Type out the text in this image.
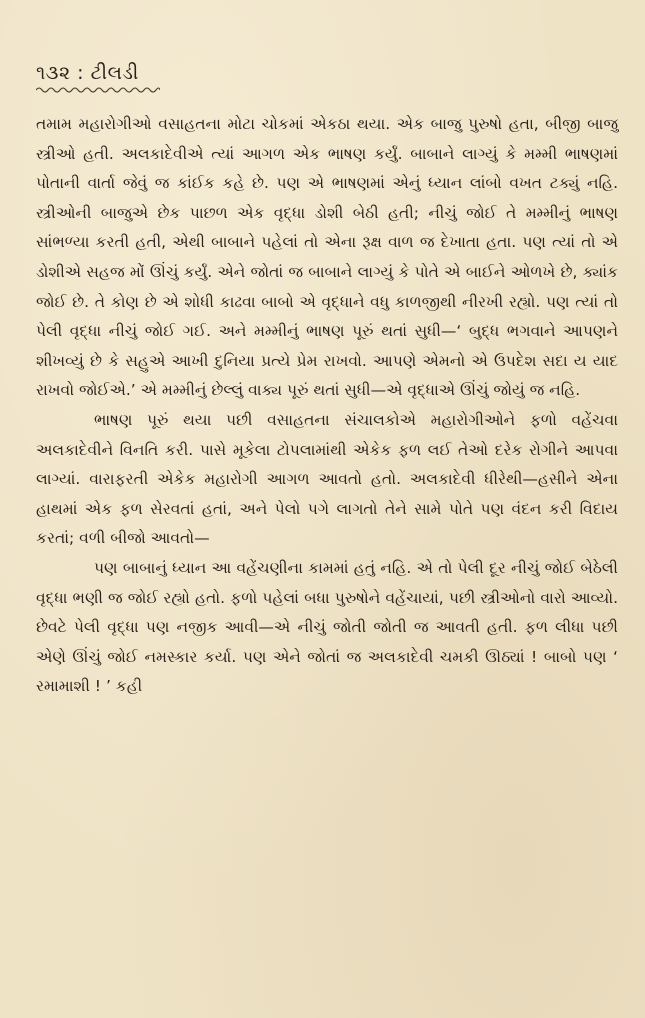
૧૩૨ : ટીલડી

તમામ મહારોગીઓ વસાહતના મોટા ચોકમાં એકઠા થયા. એક બાજુ પુરુષો હતા, બીજી બાજુ સ્ત્રીઓ હતી. અલકાદેવીએ ત્યાં આગળ એક ભાષણ કર્યું. બાબાને લાગ્યું કે મમ્મી ભાષણમાં પોતાની વાર્તા જેવું જ કાંઈક કહે છે. પણ એ ભાષણમાં એનું ધ્યાન લાંબો વખત ટક્યું નહિ. સ્ત્રીઓની બાજુએ છેક પાછળ એક વૃદ્ધા ડોશી બેઠી હતી; નીચું જોઈ તે મમ્મીનું ભાષણ સાંભળ્યા કરતી હતી, એથી બાબાને પહેલાં તો એના રૂક્ષ વાળ જ દેખાતા હતા. પણ ત્યાં તો એ ડોશીએ સહજ મોં ઊંચું કર્યું. એને જોતાં જ બાબાને લાગ્યું કે પોતે એ બાઈને ઓળખે છે, ક્યાંક જોઈ છે. તે કોણ છે એ શોધી કાઢવા બાબો એ વૃદ્ધાને વધુ કાળજીથી નીરખી રહ્યો. પણ ત્યાં તો પેલી વૃદ્ધા નીચું જોઈ ગઈ. અને મમ્મીનું ભાષણ પૂરું થતાં સુધી—‘ બુદ્ધ ભગવાને આપણને શીખવ્યું છે કે સહુએ આખી દુનિયા પ્રત્યે પ્રેમ રાખવો. આપણે એમનો એ ઉપદેશ સદા ય યાદ રાખવો જોઈએ.’ એ મમ્મીનું છેલ્લું વાક્ય પૂરું થતાં સુધી—એ વૃદ્ધાએ ઊંચું જોયું જ નહિ.

ભાષણ પૂરું થયા પછી વસાહતના સંચાલકોએ મહારોગીઓને ફળો વહેંચવા અલકાદેવીને વિનતિ કરી. પાસે મૂકેલા ટોપલામાંથી એકેક ફળ લઈ તેઓ દરેક રોગીને આપવા લાગ્યાં. વારાફરતી એકેક મહારોગી આગળ આવતો હતો. અલકાદેવી ધીરેથી—હસીને એના હાથમાં એક ફળ સેરવતાં હતાં, અને પેલો પગે લાગતો તેને સામે પોતે પણ વંદન કરી વિદાય કરતાં; વળી બીજો આવતો—

પણ બાબાનું ધ્યાન આ વહેંચણીના કામમાં હતું નહિ. એ તો પેલી દૂર નીચું જોઈ બેઠેલી વૃદ્ધા ભણી જ જોઈ રહ્યો હતો. ફળો પહેલાં બધા પુરુષોને વહેંચાયાં, પછી સ્ત્રીઓનો વારો આવ્યો. છેવટે પેલી વૃદ્ધા પણ નજીક આવી—એ નીચું જોતી જોતી જ આવતી હતી. ફળ લીધા પછી એણે ઊંચું જોઈ નમસ્કાર કર્યા. પણ એને જોતાં જ અલકાદેવી ચમકી ઊઠ્યાં ! બાબો પણ ‘ રમામાશી ! ’ કહી
